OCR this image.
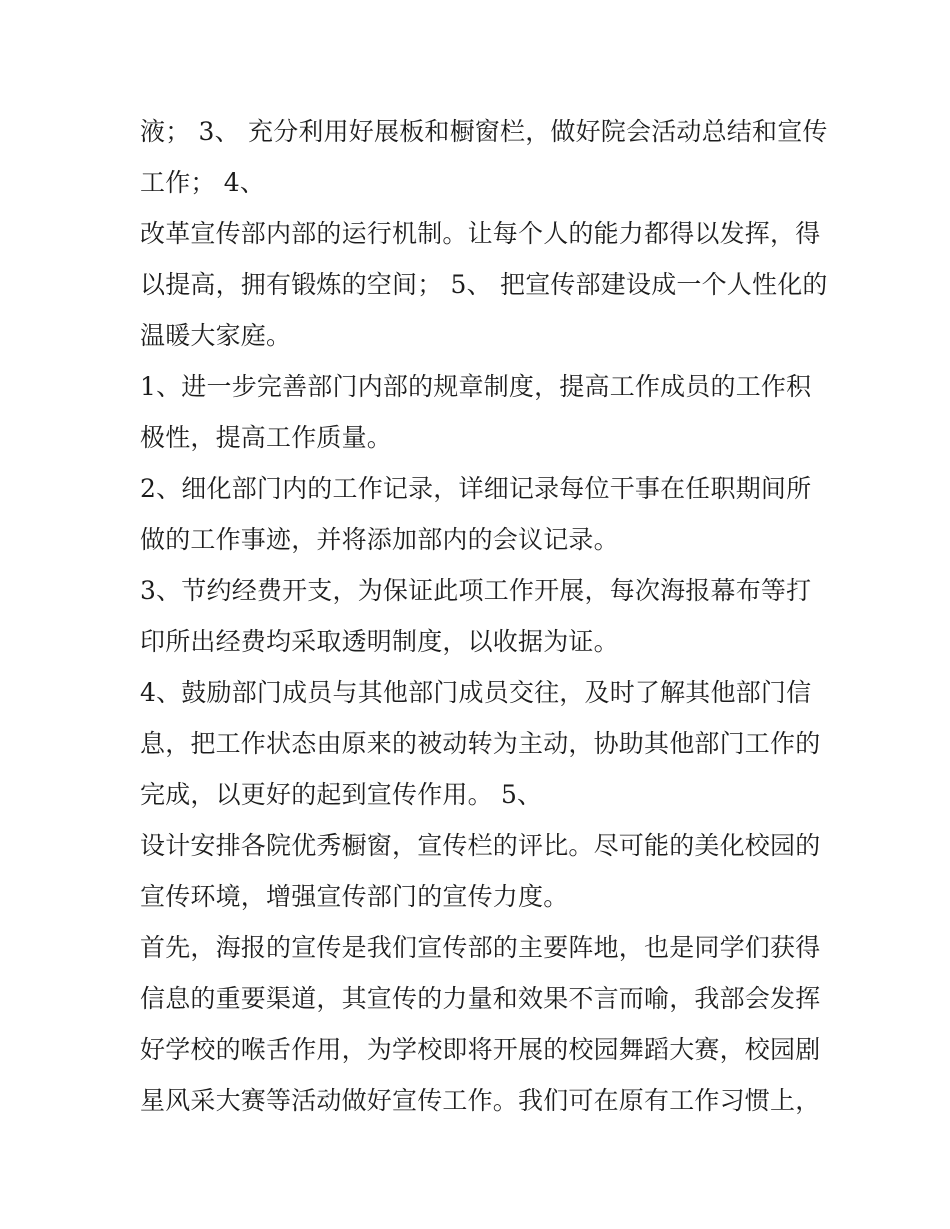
液； 3、 充分利用好展板和橱窗栏，做好院会活动总结和宣传

工作； 4、

改革宣传部内部的运行机制。让每个人的能力都得以发挥，得

以提高，拥有锻炼的空间； 5、 把宣传部建设成一个人性化的

温暖大家庭。

1、进一步完善部门内部的规章制度，提高工作成员的工作积

极性，提高工作质量。

2、细化部门内的工作记录，详细记录每位干事在任职期间所

做的工作事迹，并将添加部内的会议记录。

3、节约经费开支，为保证此项工作开展，每次海报幕布等打

印所出经费均采取透明制度，以收据为证。

4、鼓励部门成员与其他部门成员交往，及时了解其他部门信

息，把工作状态由原来的被动转为主动，协助其他部门工作的

完成，以更好的起到宣传作用。 5、

设计安排各院优秀橱窗，宣传栏的评比。尽可能的美化校园的

宣传环境，增强宣传部门的宣传力度。

首先，海报的宣传是我们宣传部的主要阵地，也是同学们获得

信息的重要渠道，其宣传的力量和效果不言而喻，我部会发挥

好学校的喉舌作用，为学校即将开展的校园舞蹈大赛，校园剧

星风采大赛等活动做好宣传工作。我们可在原有工作习惯上，
